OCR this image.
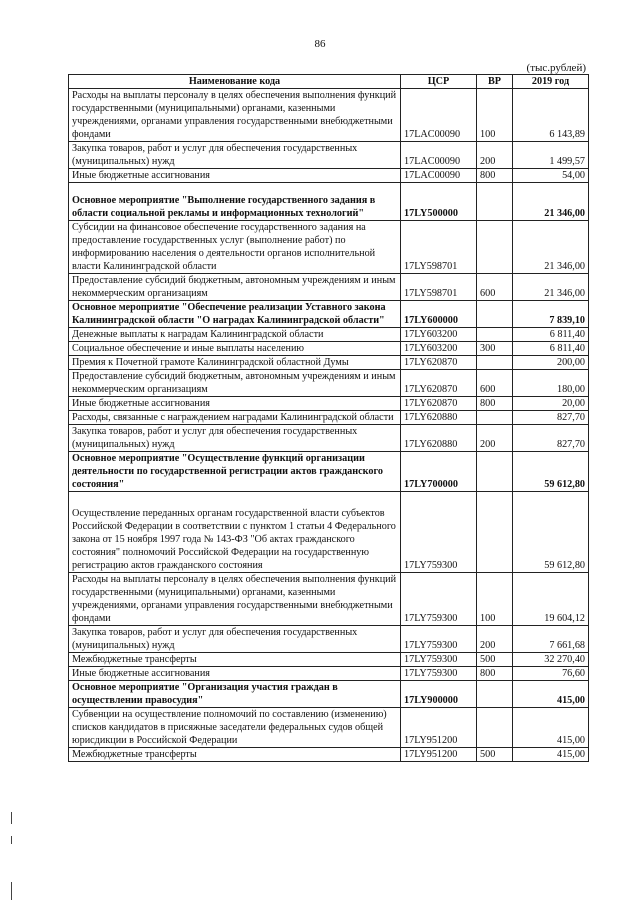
86
(тыс.рублей)
Наименование кода	ЦСР	ВР	2019 год
Расходы на выплаты персоналу в целях обеспечения выполнения функций государственными (муниципальными) органами, казенными учреждениями, органами управления государственными внебюджетными фондами	17LAC00090	100	6 143,89
Закупка товаров, работ и услуг для обеспечения государственных (муниципальных) нужд	17LAC00090	200	1 499,57
Иные бюджетные ассигнования	17LAC00090	800	54,00
Основное мероприятие "Выполнение государственного задания в области социальной рекламы и информационных технологий"	17LY500000		21 346,00
Субсидии на финансовое обеспечение государственного задания на предоставление государственных услуг (выполнение работ) по информированию населения о деятельности органов исполнительной власти Калининградской области	17LY598701		21 346,00
Предоставление субсидий бюджетным, автономным учреждениям и иным некоммерческим организациям	17LY598701	600	21 346,00
Основное мероприятие "Обеспечение реализации Уставного закона Калининградской области "О наградах Калининградской области"	17LY600000		7 839,10
Денежные выплаты к наградам Калининградской области	17LY603200		6 811,40
Социальное обеспечение и иные выплаты населению	17LY603200	300	6 811,40
Премия к Почетной грамоте Калининградской областной Думы	17LY620870		200,00
Предоставление субсидий бюджетным, автономным учреждениям и иным некоммерческим организациям	17LY620870	600	180,00
Иные бюджетные ассигнования	17LY620870	800	20,00
Расходы, связанные с награждением наградами Калининградской области	17LY620880		827,70
Закупка товаров, работ и услуг для обеспечения государственных (муниципальных) нужд	17LY620880	200	827,70
Основное мероприятие "Осуществление функций организации деятельности по государственной регистрации актов гражданского состояния"	17LY700000		59 612,80
Осуществление переданных органам государственной власти субъектов Российской Федерации в соответствии с пунктом 1 статьи 4 Федерального закона от 15 ноября 1997 года № 143-ФЗ "Об актах гражданского состояния" полномочий Российской Федерации на государственную регистрацию актов гражданского состояния	17LY759300		59 612,80
Расходы на выплаты персоналу в целях обеспечения выполнения функций государственными (муниципальными) органами, казенными учреждениями, органами управления государственными внебюджетными фондами	17LY759300	100	19 604,12
Закупка товаров, работ и услуг для обеспечения государственных (муниципальных) нужд	17LY759300	200	7 661,68
Межбюджетные трансферты	17LY759300	500	32 270,40
Иные бюджетные ассигнования	17LY759300	800	76,60
Основное мероприятие "Организация участия граждан в осуществлении правосудия"	17LY900000		415,00
Субвенции на осуществление полномочий по составлению (изменению) списков кандидатов в присяжные заседатели федеральных судов общей юрисдикции в Российской Федерации	17LY951200		415,00
Межбюджетные трансферты	17LY951200	500	415,00
